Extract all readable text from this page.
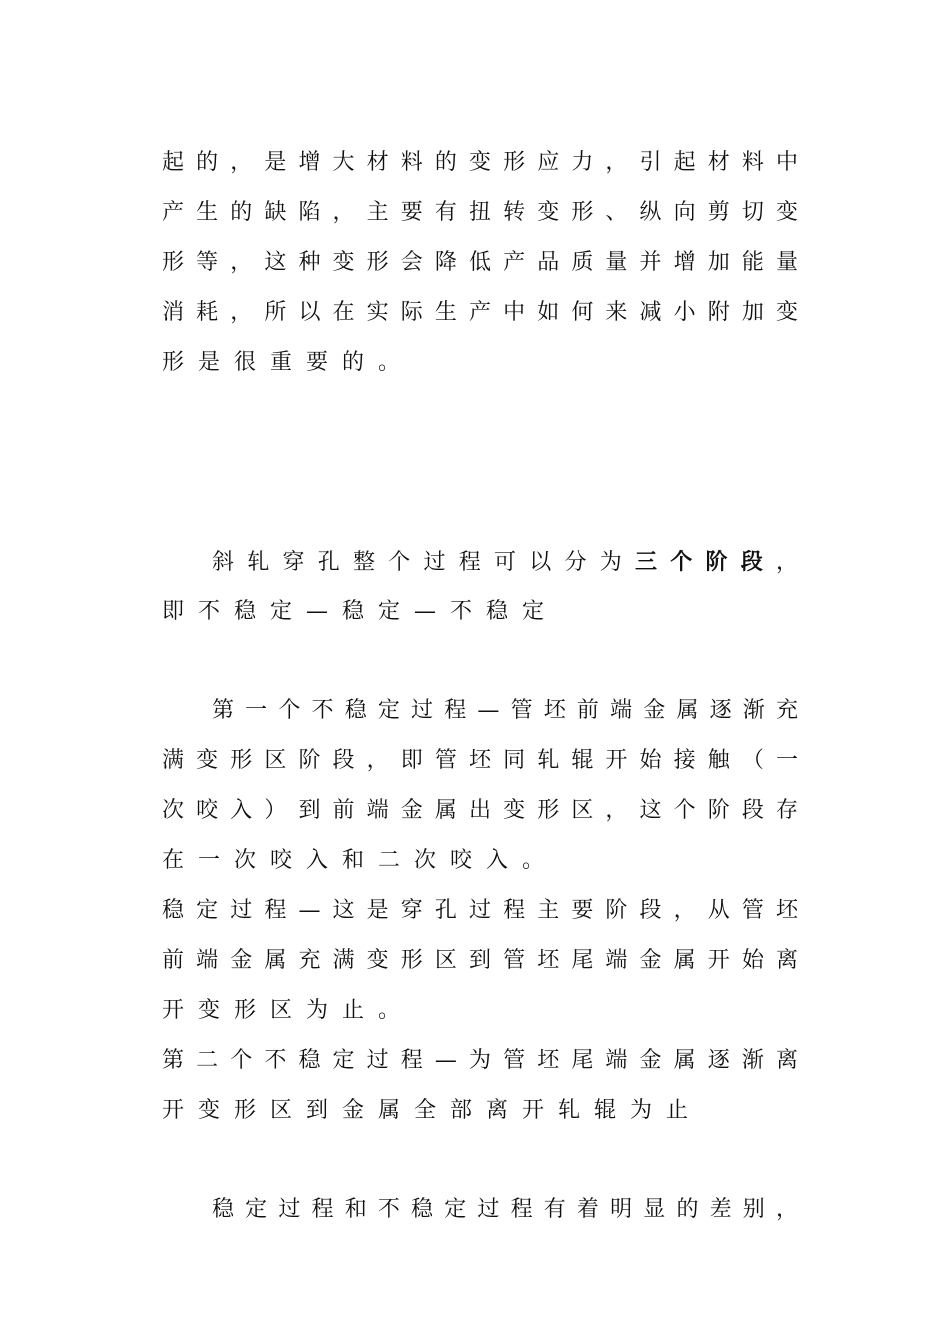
起的，是增大材料的变形应力，引起材料中
产生的缺陷，主要有扭转变形、纵向剪切变
形等，这种变形会降低产品质量并增加能量
消耗，所以在实际生产中如何来减小附加变
形是很重要的。
斜轧穿孔整个过程可以分为三个阶段，
即不稳定—稳定—不稳定
第一个不稳定过程—管坯前端金属逐渐充
满变形区阶段，即管坯同轧辊开始接触（一
次咬入）到前端金属出变形区，这个阶段存
在一次咬入和二次咬入。
稳定过程—这是穿孔过程主要阶段，从管坯
前端金属充满变形区到管坯尾端金属开始离
开变形区为止。
第二个不稳定过程—为管坯尾端金属逐渐离
开变形区到金属全部离开轧辊为止
稳定过程和不稳定过程有着明显的差别，
